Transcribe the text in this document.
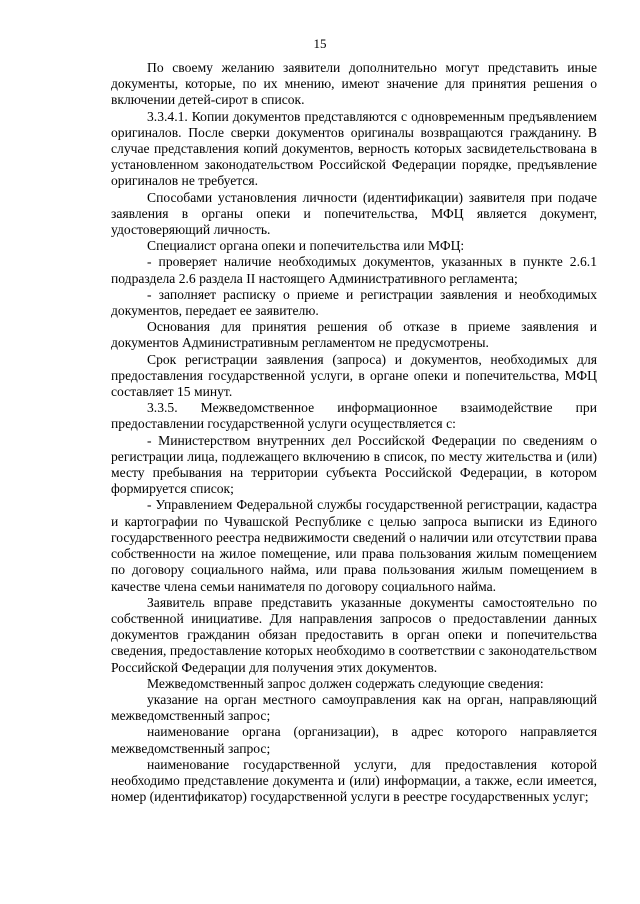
15

По своему желанию заявители дополнительно могут представить иные документы, которые, по их мнению, имеют значение для принятия решения о включении детей-сирот в список.

3.3.4.1. Копии документов представляются с одновременным предъявлением оригиналов. После сверки документов оригиналы возвращаются гражданину. В случае представления копий документов, верность которых засвидетельствована в установленном законодательством Российской Федерации порядке, предъявление оригиналов не требуется.

Способами установления личности (идентификации) заявителя при подаче заявления в органы опеки и попечительства, МФЦ является документ, удостоверяющий личность.

Специалист органа опеки и попечительства или МФЦ:

- проверяет наличие необходимых документов, указанных в пункте 2.6.1 подраздела 2.6 раздела II настоящего Административного регламента;

- заполняет расписку о приеме и регистрации заявления и необходимых документов, передает ее заявителю.

Основания для принятия решения об отказе в приеме заявления и документов Административным регламентом не предусмотрены.

Срок регистрации заявления (запроса) и документов, необходимых для предоставления государственной услуги, в органе опеки и попечительства, МФЦ составляет 15 минут.

3.3.5. Межведомственное информационное взаимодействие при предоставлении государственной услуги осуществляется с:

- Министерством внутренних дел Российской Федерации по сведениям о регистрации лица, подлежащего включению в список, по месту жительства и (или) месту пребывания на территории субъекта Российской Федерации, в котором формируется список;

- Управлением Федеральной службы государственной регистрации, кадастра и картографии по Чувашской Республике с целью запроса выписки из Единого государственного реестра недвижимости сведений о наличии или отсутствии права собственности на жилое помещение, или права пользования жилым помещением по договору социального найма, или права пользования жилым помещением в качестве члена семьи нанимателя по договору социального найма.

Заявитель вправе представить указанные документы самостоятельно по собственной инициативе. Для направления запросов о предоставлении данных документов гражданин обязан предоставить в орган опеки и попечительства сведения, предоставление которых необходимо в соответствии с законодательством Российской Федерации для получения этих документов.

Межведомственный запрос должен содержать следующие сведения:

указание на орган местного самоуправления как на орган, направляющий межведомственный запрос;

наименование органа (организации), в адрес которого направляется межведомственный запрос;

наименование государственной услуги, для предоставления которой необходимо представление документа и (или) информации, а также, если имеется, номер (идентификатор) государственной услуги в реестре государственных услуг;
